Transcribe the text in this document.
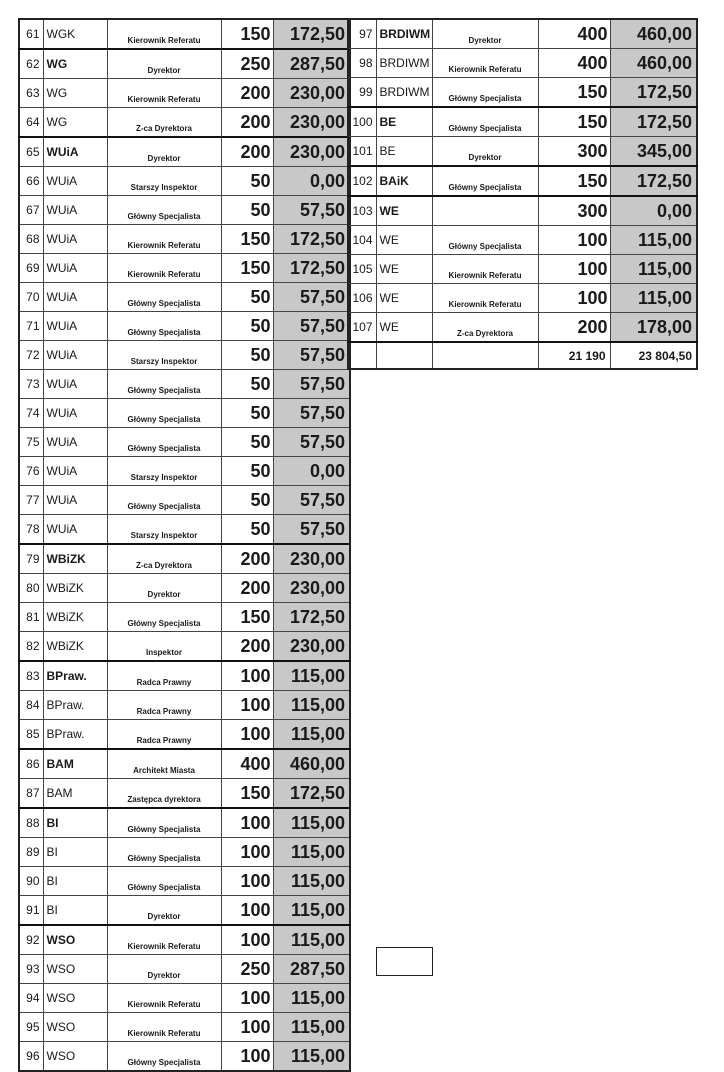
61	WGK	Kierownik Referatu	150	172,50
62	WG	Dyrektor	250	287,50
63	WG	Kierownik Referatu	200	230,00
64	WG	Z-ca Dyrektora	200	230,00
65	WUiA	Dyrektor	200	230,00
66	WUiA	Starszy Inspektor	50	0,00
67	WUiA	Główny Specjalista	50	57,50
68	WUiA	Kierownik Referatu	150	172,50
69	WUiA	Kierownik Referatu	150	172,50
70	WUiA	Główny Specjalista	50	57,50
71	WUiA	Główny Specjalista	50	57,50
72	WUiA	Starszy Inspektor	50	57,50
73	WUiA	Główny Specjalista	50	57,50
74	WUiA	Główny Specjalista	50	57,50
75	WUiA	Główny Specjalista	50	57,50
76	WUiA	Starszy Inspektor	50	0,00
77	WUiA	Główny Specjalista	50	57,50
78	WUiA	Starszy Inspektor	50	57,50
79	WBiZK	Z-ca Dyrektora	200	230,00
80	WBiZK	Dyrektor	200	230,00
81	WBiZK	Główny Specjalista	150	172,50
82	WBiZK	Inspektor	200	230,00
83	BPraw.	Radca Prawny	100	115,00
84	BPraw.	Radca Prawny	100	115,00
85	BPraw.	Radca Prawny	100	115,00
86	BAM	Architekt Miasta	400	460,00
87	BAM	Zastępca dyrektora	150	172,50
88	BI	Główny Specjalista	100	115,00
89	BI	Główny Specjalista	100	115,00
90	BI	Główny Specjalista	100	115,00
91	BI	Dyrektor	100	115,00
92	WSO	Kierownik Referatu	100	115,00
93	WSO	Dyrektor	250	287,50
94	WSO	Kierownik Referatu	100	115,00
95	WSO	Kierownik Referatu	100	115,00
96	WSO	Główny Specjalista	100	115,00
97	BRDIWM	Dyrektor	400	460,00
98	BRDIWM	Kierownik Referatu	400	460,00
99	BRDIWM	Główny Specjalista	150	172,50
100	BE	Główny Specjalista	150	172,50
101	BE	Dyrektor	300	345,00
102	BAiK	Główny Specjalista	150	172,50
103	WE		300	0,00
104	WE	Główny Specjalista	100	115,00
105	WE	Kierownik Referatu	100	115,00
106	WE	Kierownik Referatu	100	115,00
107	WE	Z-ca Dyrektora	200	178,00
			21 190	23 804,50
